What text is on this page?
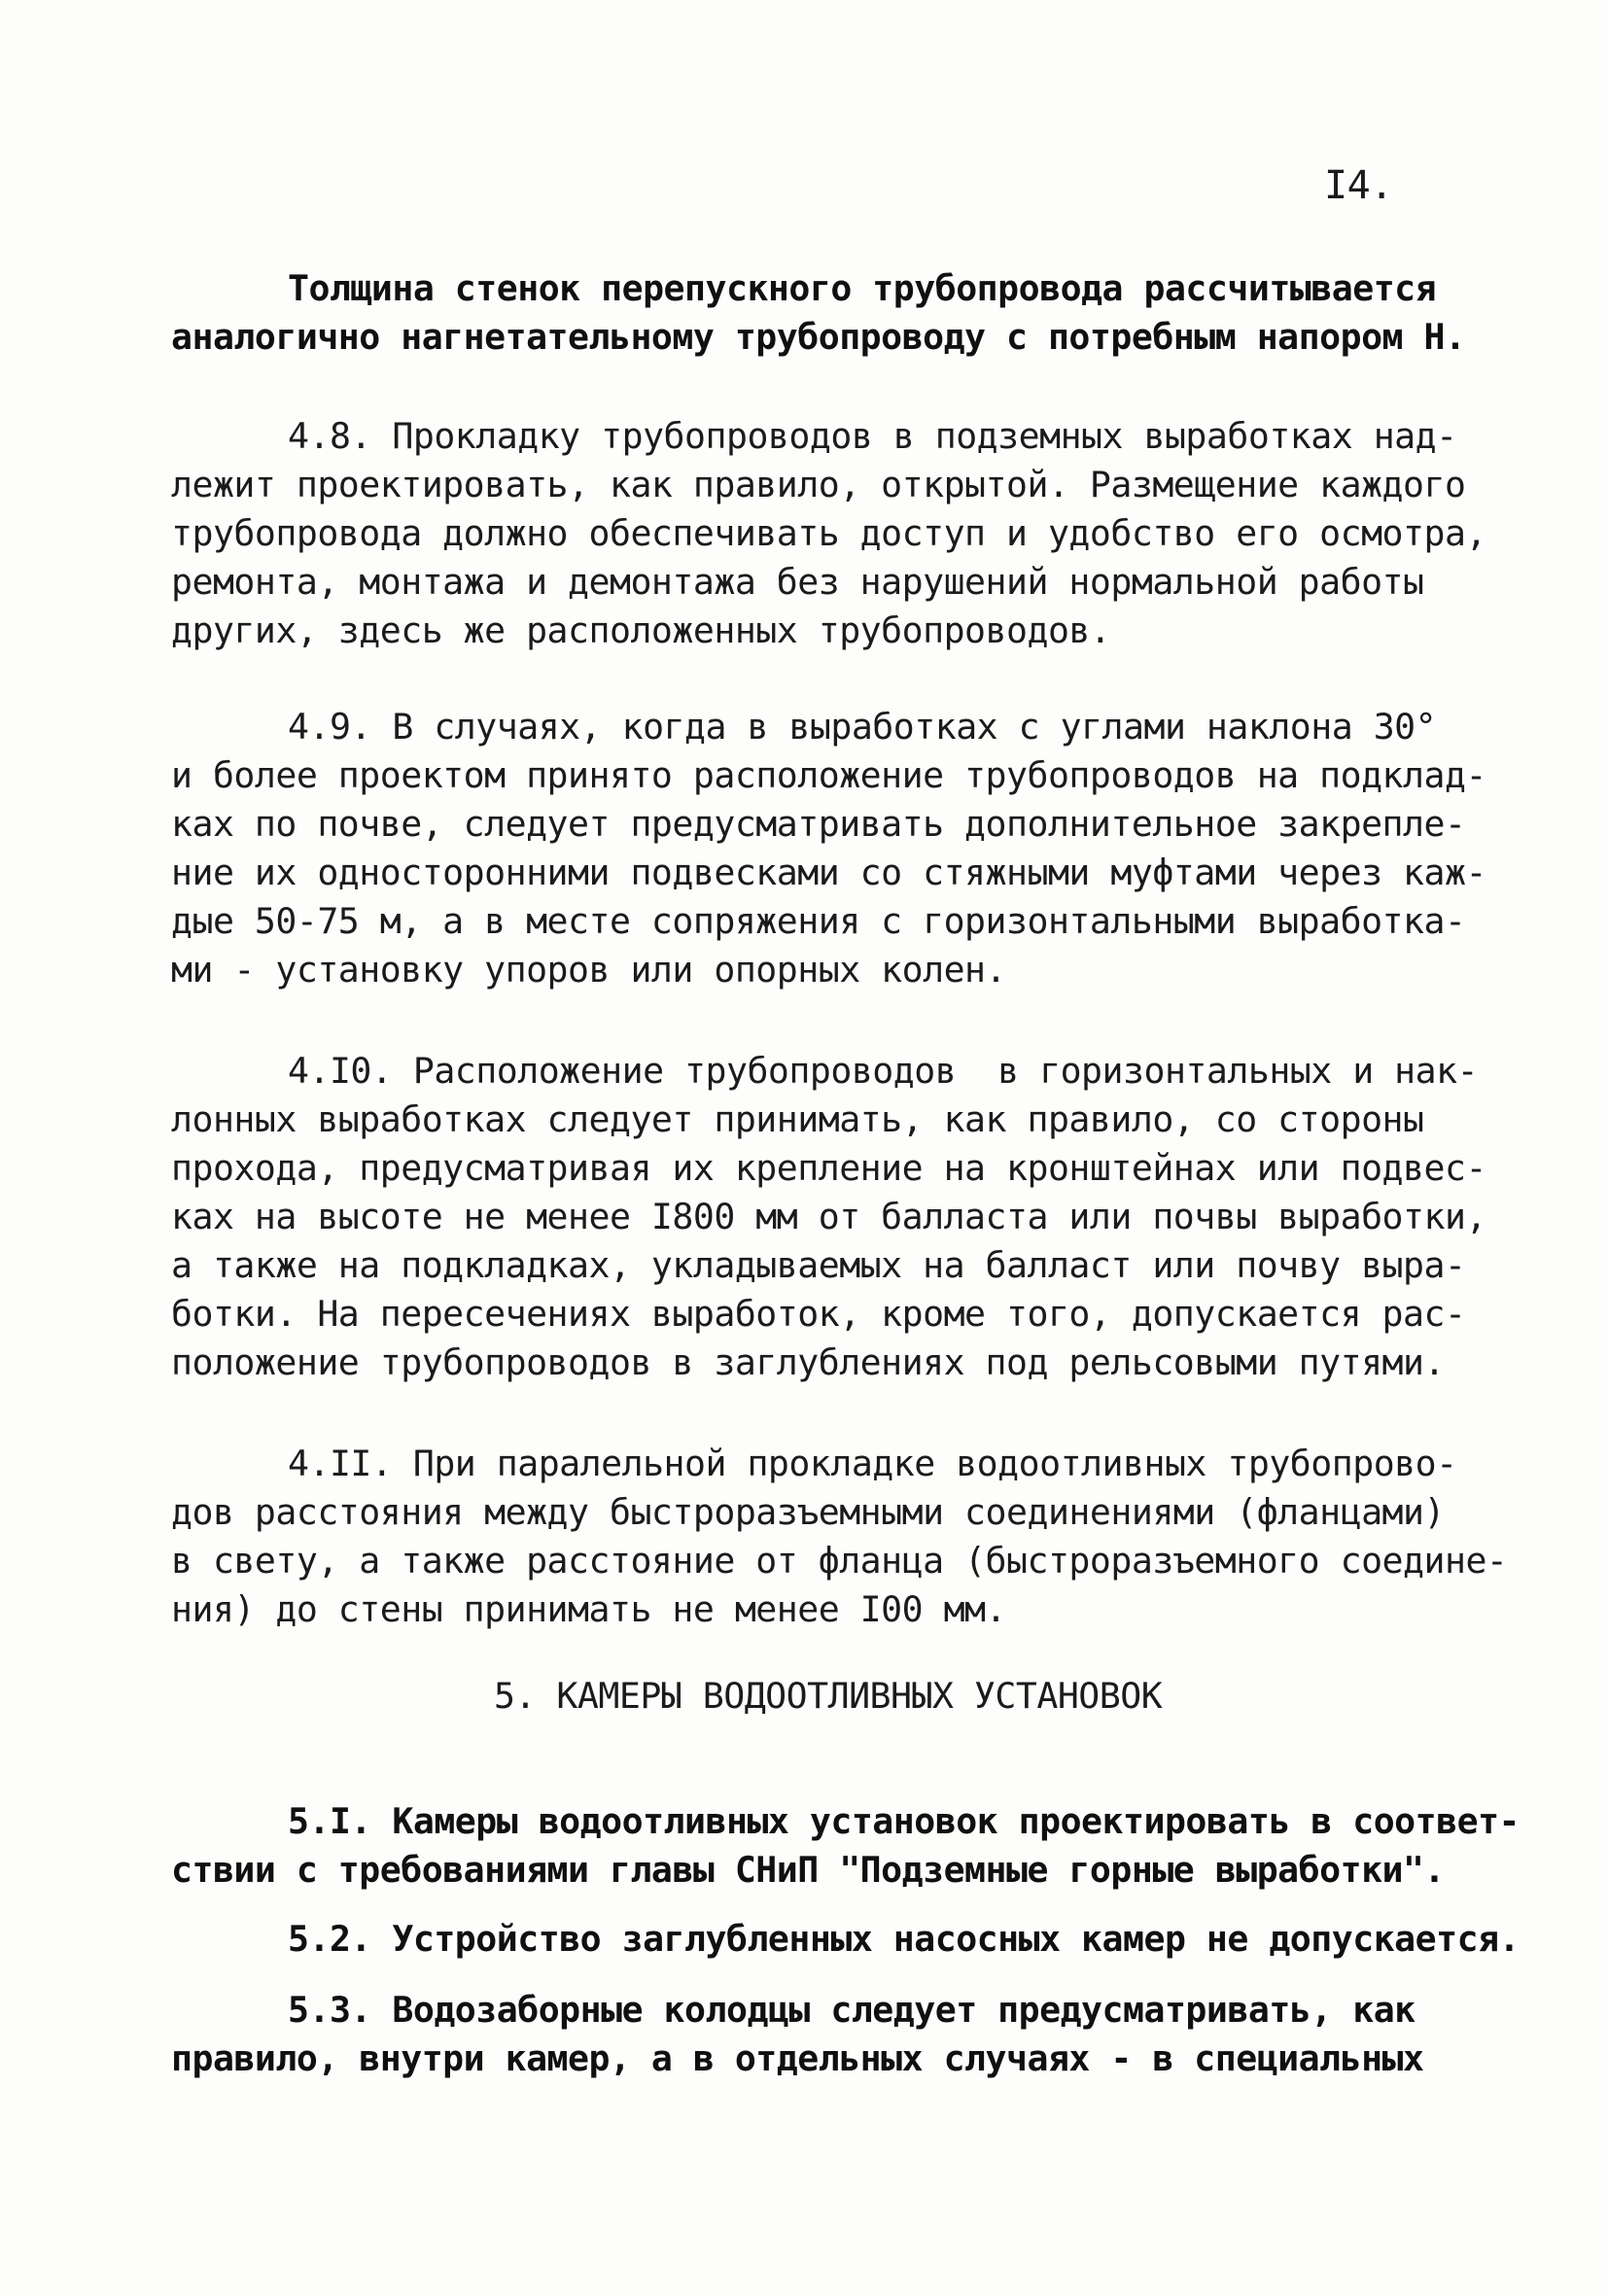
I4.
Толщина стенок перепускного трубопровода рассчитывается
аналогично нагнетательному трубопроводу с потребным напором Н.
4.8. Прокладку трубопроводов в подземных выработках над-
лежит проектировать, как правило, открытой. Размещение каждого
трубопровода должно обеспечивать доступ и удобство его осмотра,
ремонта, монтажа и демонтажа без нарушений нормальной работы
других, здесь же расположенных трубопроводов.
4.9. В случаях, когда в выработках с углами наклона 30°
и более проектом принято расположение трубопроводов на подклад-
ках по почве, следует предусматривать дополнительное закрепле-
ние их односторонними подвесками со стяжными муфтами через каж-
дые 50-75 м, а в месте сопряжения с горизонтальными выработка-
ми - установку упоров или опорных колен.
4.I0. Расположение трубопроводов  в горизонтальных и нак-
лонных выработках следует принимать, как правило, со стороны
прохода, предусматривая их крепление на кронштейнах или подвес-
ках на высоте не менее I800 мм от балласта или почвы выработки,
а также на подкладках, укладываемых на балласт или почву выра-
ботки. На пересечениях выработок, кроме того, допускается рас-
положение трубопроводов в заглублениях под рельсовыми путями.
4.II. При паралельной прокладке водоотливных трубопрово-
дов расстояния между быстроразъемными соединениями (фланцами)
в свету, а также расстояние от фланца (быстроразъемного соедине-
ния) до стены принимать не менее I00 мм.
5. КАМЕРЫ ВОДООТЛИВНЫХ УСТАНОВОК
5.I. Камеры водоотливных установок проектировать в соответ-
ствии с требованиями главы СНиП "Подземные горные выработки".
5.2. Устройство заглубленных насосных камер не допускается.
5.3. Водозаборные колодцы следует предусматривать, как
правило, внутри камер, а в отдельных случаях - в специальных
